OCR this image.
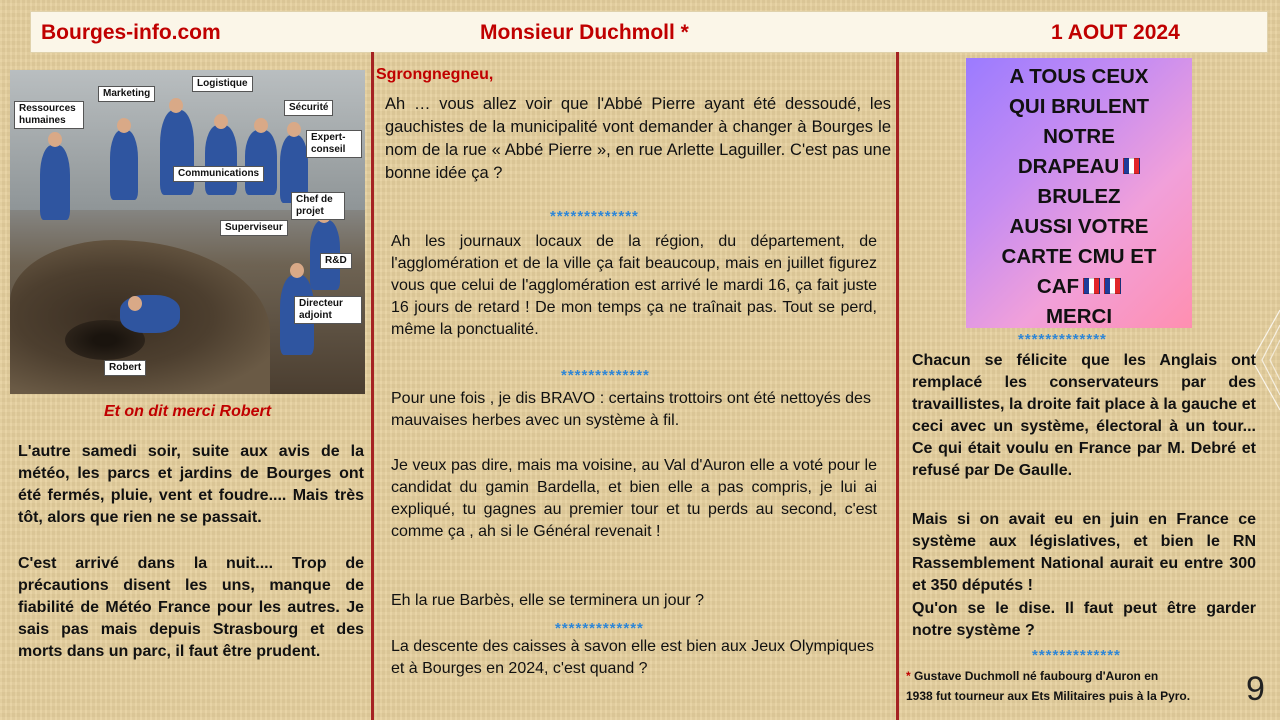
Bourges-info.com	Monsieur Duchmoll *	1 AOUT 2024
Logistique
Marketing
Ressources humaines
Sécurité
Expert-conseil
Communications
Chef de projet
Superviseur
R&D
Directeur adjoint
Robert
Et on dit merci Robert

L'autre samedi soir, suite aux avis de la météo, les parcs et jardins de Bourges ont été fermés, pluie, vent et foudre.... Mais très tôt, alors que rien ne se passait.

C'est arrivé dans la nuit.... Trop de précautions disent les uns, manque de fiabilité de Météo France pour les autres. Je sais pas mais depuis Strasbourg et des morts dans un parc, il faut être prudent.

Sgrongnegneu,

Ah … vous allez voir que l'Abbé Pierre ayant été dessoudé, les gauchistes de la municipalité vont demander à changer à Bourges le nom de la rue « Abbé Pierre », en rue Arlette Laguiller. C'est pas une bonne idée ça ?

*************

Ah les journaux locaux de la région, du département, de l'agglomération et de la ville ça fait beaucoup, mais en juillet figurez vous que celui de l'agglomération est arrivé le mardi 16, ça fait juste 16 jours de retard ! De mon temps ça ne traînait pas. Tout se perd, même la ponctualité.

*************

Pour une fois , je dis BRAVO : certains trottoirs ont été nettoyés des mauvaises herbes avec un système à fil.

Je veux pas dire, mais ma voisine, au Val d'Auron elle a voté pour le candidat du gamin Bardella, et bien elle a pas compris, je lui ai expliqué, tu gagnes au premier tour et tu perds au second, c'est comme ça , ah si le Général revenait !

Eh la rue Barbès, elle se terminera un jour ?

*************

La descente des caisses à savon elle est bien aux Jeux Olympiques et à Bourges en 2024, c'est quand ?

A TOUS CEUX
QUI BRULENT
NOTRE
DRAPEAU
BRULEZ
AUSSI VOTRE
CARTE CMU ET
CAF
MERCI
*************

Chacun se félicite que les Anglais ont remplacé les conservateurs par des travaillistes, la droite fait place à la gauche et ceci avec un système, électoral à un tour... Ce qui était voulu en France par M. Debré et refusé par De Gaulle.

Mais si on avait eu en juin en France ce système aux législatives, et bien le RN Rassemblement National aurait eu entre 300 et 350 députés !

Qu'on se le dise. Il faut peut être garder notre système ?

*************
* Gustave Duchmoll né faubourg d'Auron en
1938 fut tourneur aux Ets Militaires puis à la Pyro.	9
